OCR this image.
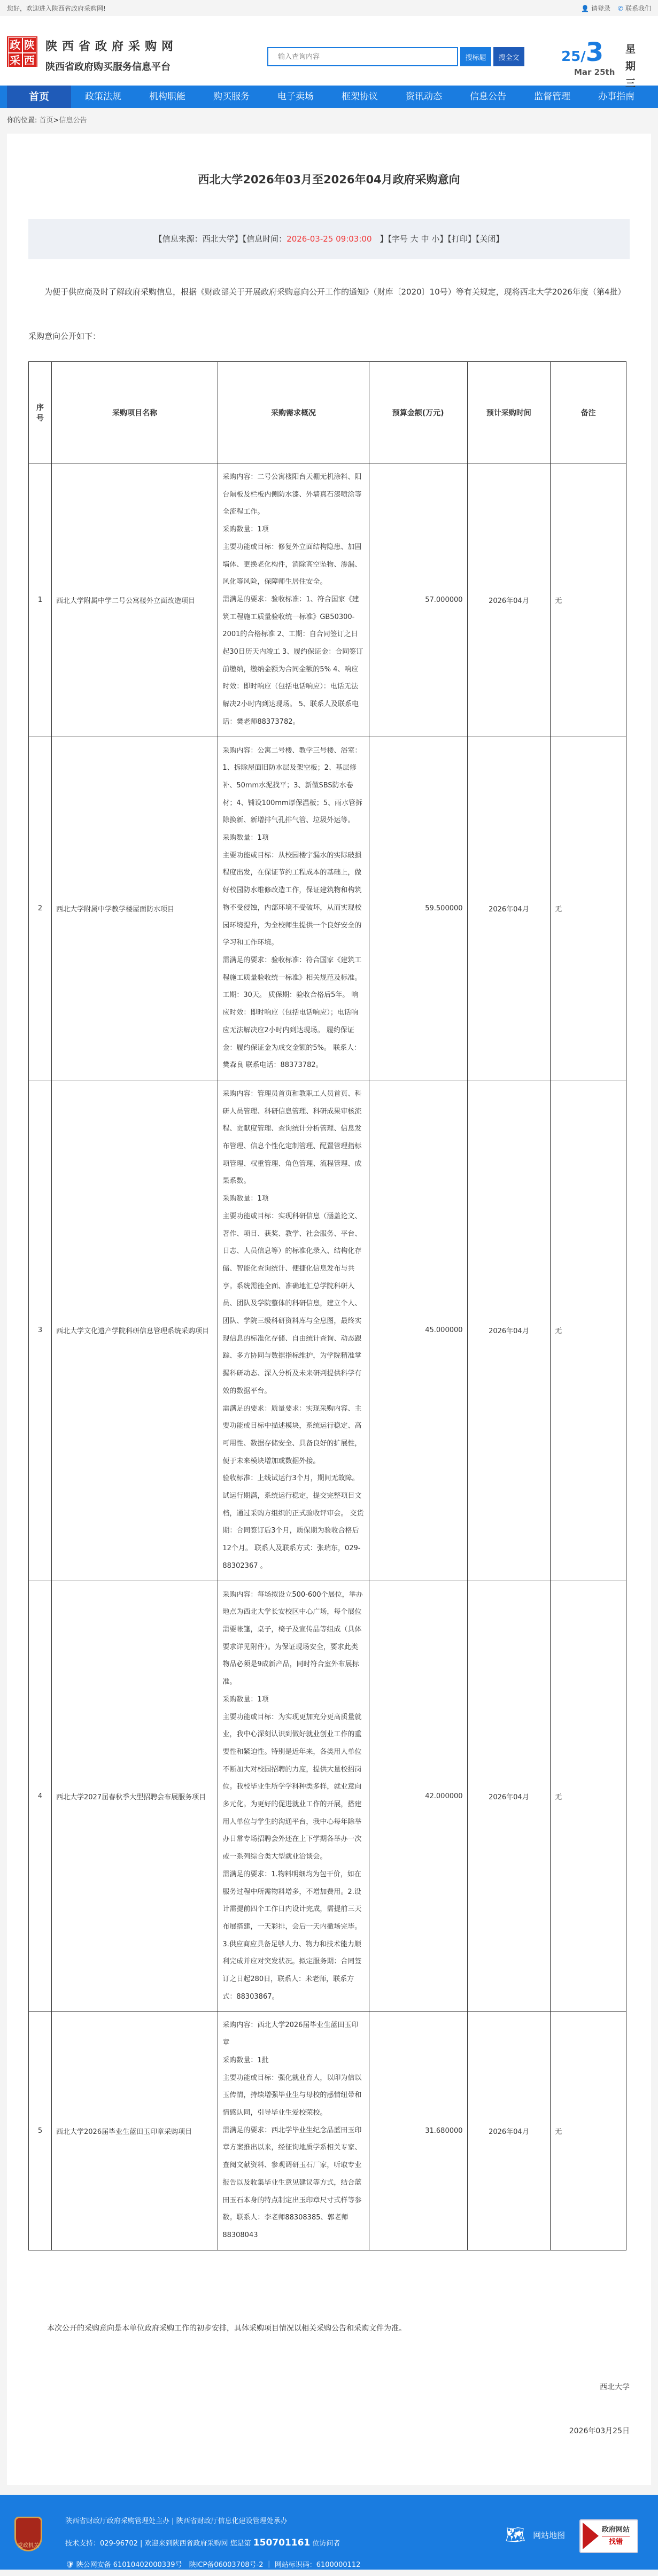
您好，欢迎进入陕西省政府采购网!	👤 请登录 ✆ 联系我们
政 陕
采 西
陕西省政府采购网
陕西省政府购买服务信息平台
输入查询内容
搜标题	搜全文	25/3
Mar 25th
星期三
首页	政策法规	机构职能	购买服务	电子卖场	框架协议	资讯动态	信息公告	监督管理	办事指南
你的位置: 首页>信息公告
西北大学2026年03月至2026年04月政府采购意向
【信息来源：西北大学】【信息时间：2026-03-25 09:03:00　 】【字号 大 中 小】【打印】【关闭】

为便于供应商及时了解政府采购信息，根据《财政部关于开展政府采购意向公开工作的通知》（财库〔2020〕10号）等有关规定，现将西北大学2026年度（第4批）采购意向公开如下：

序号	采购项目名称	采购需求概况	预算金额(万元)	预计采购时间	备注
1	西北大学附属中学二号公寓楼外立面改造项目	采购内容：二号公寓楼阳台天棚无机涂料、阳台隔板及栏板内侧防水漆、外墙真石漆喷涂等全流程工作。
采购数量：1项
主要功能或目标：修复外立面结构隐患、加固墙体、更换老化构件，消除高空坠物、渗漏、风化等风险，保障师生居住安全。
需满足的要求：验收标准：1、符合国家《建筑工程施工质量验收统一标准》GB50300-2001的合格标准 2、工期：自合同签订之日起30日历天内竣工 3、履约保证金：合同签订前缴纳，缴纳金额为合同金额的5% 4、响应时效：即时响应（包括电话响应）：电话无法解决2小时内到达现场。 5、联系人及联系电话：樊老师88373782。	57.000000	2026年04月	无
2	西北大学附属中学教学楼屋面防水项目	采购内容：公寓二号楼、教学三号楼、浴室：1、拆除屋面旧防水层及架空板；2、基层修补、50mm水泥找平；3、新做SBS防水卷材；4、铺设100mm厚保温板；5、雨水管拆除换新、新增排气孔排气管、垃圾外运等。
采购数量：1项
主要功能或目标：从校园楼宇漏水的实际破损程度出发，在保证节约工程成本的基础上，做好校园防水维修改造工作，保证建筑物和构筑物不受侵蚀，内部环境不受破坏，从而实现校园环境提升，为全校师生提供一个良好安全的学习和工作环境。
需满足的要求：验收标准：符合国家《建筑工程施工质量验收统一标准》相关规范及标准。工期：30天。 质保期：验收合格后5年。 响应时效：即时响应（包括电话响应）；电话响应无法解决应2小时内到达现场。 履约保证金：履约保证金为成交金额的5%。 联系人：樊森良 联系电话：88373782。	59.500000	2026年04月	无
3	西北大学文化遗产学院科研信息管理系统采购项目	采购内容：管理员首页和教职工人员首页、科研人员管理、科研信息管理、科研成果审核流程、贡献度管理、查询统计分析管理、信息发布管理、信息个性化定制管理、配置管理指标项管理、权重管理、角色管理、流程管理、成果系数。
采购数量：1项
主要功能或目标：实现科研信息（涵盖论文、著作、项目、获奖、教学、社会服务、平台、日志、人员信息等）的标准化录入、结构化存储、智能化查询统计、便捷化信息发布与共享。系统需能全面、准确地汇总学院科研人员、团队及学院整体的科研信息，建立个人、团队、学院三级科研资料库与全息图，最终实现信息的标准化存储、自由统计查询、动态跟踪、多方协同与数据指标维护，为学院精准掌握科研动态、深入分析及未来研判提供科学有效的数据平台。
需满足的要求：质量要求：实现采购内容、主要功能或目标中描述模块，系统运行稳定、高可用性、数据存储安全、具备良好的扩展性，便于未来模块增加或数据外接。
验收标准：上线试运行3个月，期间无故障。试运行期满，系统运行稳定，提交完整项目文档，通过采购方组织的正式验收评审会。 交货期：合同签订后3个月，质保期为验收合格后12个月。 联系人及联系方式：张瑞东，029-88302367 。	45.000000	2026年04月	无
4	西北大学2027届春秋季大型招聘会布展服务项目	采购内容：每场拟设立500-600个展位，举办地点为西北大学长安校区中心广场，每个展位需要帐篷，桌子，椅子及宣传品等组成（具体要求详见附件）。为保证现场安全，要求此类物品必须是9成新产品，同时符合室外布展标准。
采购数量：1项
主要功能或目标：为实现更加充分更高质量就业，我中心深刻认识到做好就业创业工作的重要性和紧迫性。特别是近年来，各类用人单位不断加大对校园招聘的力度，提供大量校招岗位。我校毕业生所学学科种类多样，就业意向多元化。为更好的促进就业工作的开展，搭建用人单位与学生的沟通平台，我中心每年除举办日常专场招聘会外还在上下学期各举办一次或一系列综合类大型就业洽谈会。
需满足的要求：1.物料明细均为包干价，如在服务过程中所需物料增多，不增加费用。2.设计需提前四个工作日内设计完成，需提前三天布展搭建，一天彩排，会后一天内撤场完毕。 3.供应商应具备足够人力、物力和技术能力顺利完成并应对突发状况。拟定服务期：合同签订之日起280日，联系人：米老师，联系方式：88303867。	42.000000	2026年04月	无
5	西北大学2026届毕业生蓝田玉印章采购项目	采购内容：西北大学2026届毕业生蓝田玉印章
采购数量：1批
主要功能或目标：强化就业育人，以印为信以玉传情，持续增强毕业生与母校的感情纽带和情感认同，引导毕业生爱校荣校。
需满足的要求：西北学毕业生纪念品蓝田玉印章方案推出以来，经征询地质学系相关专家、查阅文献资料、参观调研玉石厂家，听取专业报告以及收集毕业生意见建议等方式，结合蓝田玉石本身的特点制定出玉印章尺寸式样等参数。联系人：李老师88308385、郭老师88308043	31.680000	2026年04月	无

本次公开的采购意向是本单位政府采购工作的初步安排，具体采购项目情况以相关采购公告和采购文件为准。

西北大学
2026年03月25日
党政机关
陕西省财政厅政府采购管理处主办 | 陕西省财政厅信息化建设管理处承办
技术支持：029-96702 | 欢迎来到陕西省政府采购网 您是第 150701161 位访问者
🛡 陕公网安备 61010402000339号　陕ICP备06003708号-2 ｜ 网站标识码：6100000112
🗺 网站地图
政府网站
找错
